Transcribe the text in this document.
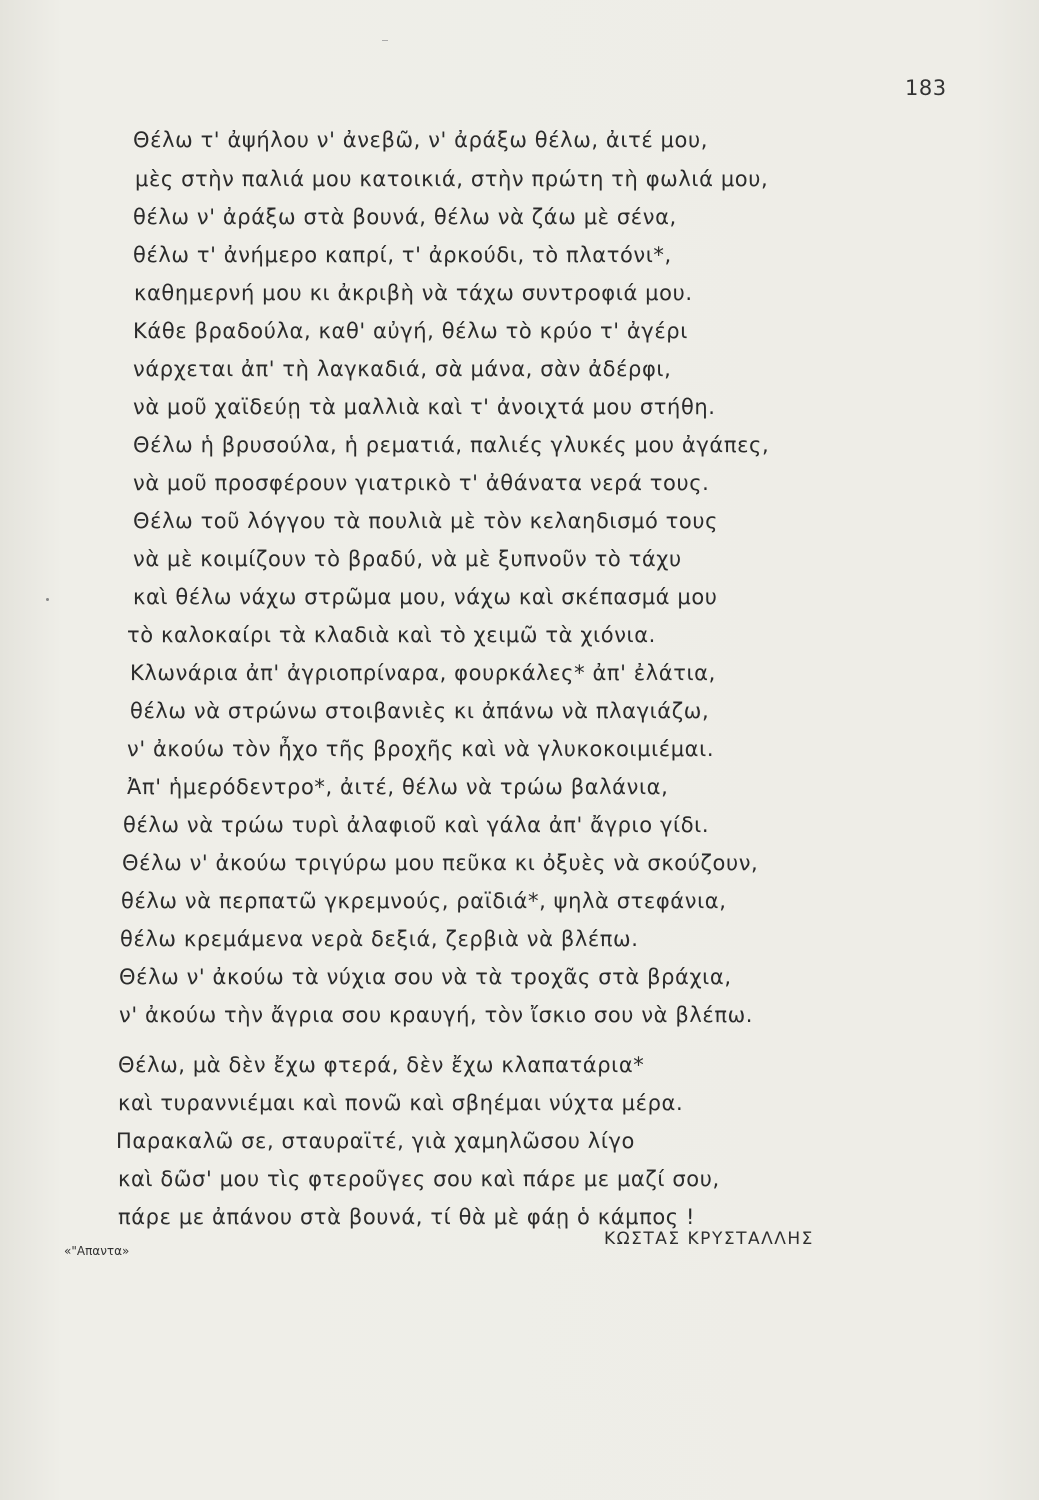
183
Θέλω τ' ἀψήλου ν' ἀνεβῶ, ν' ἀράξω θέλω, ἀιτέ μου,
μὲς στὴν παλιά μου κατοικιά, στὴν πρώτη τὴ φωλιά μου,
θέλω ν' ἀράξω στὰ βουνά, θέλω νὰ ζάω μὲ σένα,
θέλω τ' ἀνήμερο καπρί, τ' ἀρκούδι, τὸ πλατόνι*,
καθημερνή μου κι ἀκριβὴ νὰ τάχω συντροφιά μου.
Κάθε βραδούλα, καθ' αὐγή, θέλω τὸ κρύο τ' ἀγέρι
νάρχεται ἀπ' τὴ λαγκαδιά, σὰ μάνα, σὰν ἀδέρφι,
νὰ μοῦ χαϊδεύῃ τὰ μαλλιὰ καὶ τ' ἀνοιχτά μου στήθη.
Θέλω ἡ βρυσούλα, ἡ ρεματιά, παλιές γλυκές μου ἀγάπες,
νὰ μοῦ προσφέρουν γιατρικὸ τ' ἀθάνατα νερά τους.
Θέλω τοῦ λόγγου τὰ πουλιὰ μὲ τὸν κελαηδισμό τους
νὰ μὲ κοιμίζουν τὸ βραδύ, νὰ μὲ ξυπνοῦν τὸ τάχυ
καὶ θέλω νάχω στρῶμα μου, νάχω καὶ σκέπασμά μου
τὸ καλοκαίρι τὰ κλαδιὰ καὶ τὸ χειμῶ τὰ χιόνια.
Κλωνάρια ἀπ' ἀγριοπρίναρα, φουρκάλες* ἀπ' ἐλάτια,
θέλω νὰ στρώνω στοιβανιὲς κι ἀπάνω νὰ πλαγιάζω,
ν' ἀκούω τὸν ἦχο τῆς βροχῆς καὶ νὰ γλυκοκοιμιέμαι.
Ἀπ' ἡμερόδεντρο*, ἀιτέ, θέλω νὰ τρώω βαλάνια,
θέλω νὰ τρώω τυρὶ ἀλαφιοῦ καὶ γάλα ἀπ' ἄγριο γίδι.
Θέλω ν' ἀκούω τριγύρω μου πεῦκα κι ὀξυὲς νὰ σκούζουν,
θέλω νὰ περπατῶ γκρεμνούς, ραϊδιά*, ψηλὰ στεφάνια,
θέλω κρεμάμενα νερὰ δεξιά, ζερβιὰ νὰ βλέπω.
Θέλω ν' ἀκούω τὰ νύχια σου νὰ τὰ τροχᾶς στὰ βράχια,
ν' ἀκούω τὴν ἄγρια σου κραυγή, τὸν ἴσκιο σου νὰ βλέπω.
Θέλω, μὰ δὲν ἔχω φτερά, δὲν ἔχω κλαπατάρια*
καὶ τυραννιέμαι καὶ πονῶ καὶ σβηέμαι νύχτα μέρα.
Παρακαλῶ σε, σταυραϊτέ, γιὰ χαμηλῶσου λίγο
καὶ δῶσ' μου τὶς φτεροῦγες σου καὶ πάρε με μαζί σου,
πάρε με ἀπάνου στὰ βουνά, τί θὰ μὲ φάῃ ὁ κάμπος !
«"Απαντα»
ΚΩΣΤΑΣ ΚΡΥΣΤΑΛΛΗΣ
